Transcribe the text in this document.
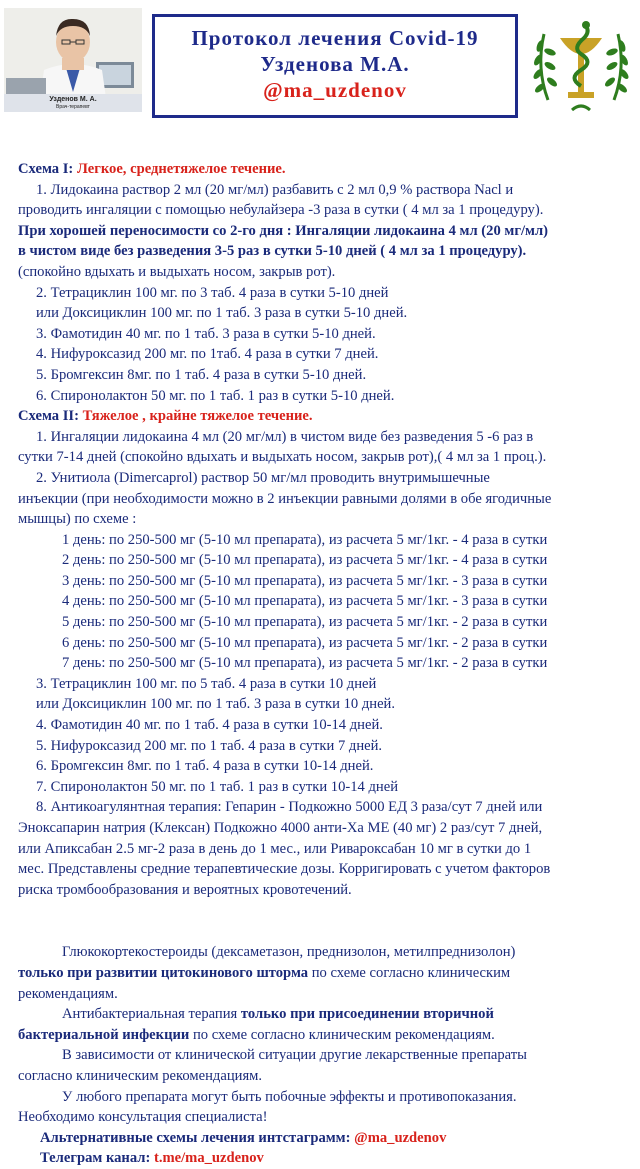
Узденов М. А.
Врач-терапевт
Протокол лечения Covid-19
Узденова М.А.
@ma_uzdenov

Схема I: Легкое, среднетяжелое течение.

1. Лидокаина раствор 2 мл (20 мг/мл) разбавить с 2 мл 0,9 % раствора Nacl и

проводить ингаляции с помощью небулайзера -3 раза в сутки ( 4 мл за 1 процедуру).

При хорошей переносимости со 2-го дня : Ингаляции лидокаина 4 мл (20 мг/мл)

в чистом виде без разведения 3-5 раз в сутки 5-10 дней ( 4 мл за 1 процедуру).

(спокойно вдыхать и выдыхать носом, закрыв рот).

2. Тетрациклин 100 мг. по 3 таб. 4 раза в сутки 5-10 дней

или Доксициклин 100 мг. по 1 таб. 3 раза в сутки 5-10 дней.

3. Фамотидин 40 мг. по 1 таб. 3 раза в сутки 5-10 дней.

4. Нифуроксазид 200 мг. по 1таб. 4 раза в сутки 7 дней.

5. Бромгексин 8мг. по 1 таб. 4 раза в сутки 5-10 дней.

6. Спиронолактон 50 мг. по 1 таб. 1 раз в сутки 5-10 дней.

Схема II: Тяжелое , крайне тяжелое течение.

1. Ингаляции лидокаина 4 мл (20 мг/мл) в чистом виде без разведения 5 -6 раз в

сутки 7-14 дней (спокойно вдыхать и выдыхать носом, закрыв рот),( 4 мл за 1 проц.).

2. Унитиола (Dimercaprol) раствор 50 мг/мл проводить внутримышечные

инъекции (при необходимости можно в 2 инъекции равными долями в обе ягодичные

мышцы) по схеме :

1 день: по 250-500 мг (5-10 мл препарата), из расчета 5 мг/1кг. - 4 раза в сутки

2 день: по 250-500 мг (5-10 мл препарата), из расчета 5 мг/1кг. - 4 раза в сутки

3 день: по 250-500 мг (5-10 мл препарата), из расчета 5 мг/1кг. - 3 раза в сутки

4 день: по 250-500 мг (5-10 мл препарата), из расчета 5 мг/1кг. - 3 раза в сутки

5 день: по 250-500 мг (5-10 мл препарата), из расчета 5 мг/1кг. - 2 раза в сутки

6 день: по 250-500 мг (5-10 мл препарата), из расчета 5 мг/1кг. - 2 раза в сутки

7 день: по 250-500 мг (5-10 мл препарата), из расчета 5 мг/1кг. - 2 раза в сутки

3. Тетрациклин 100 мг. по 5 таб. 4 раза в сутки 10 дней

или Доксициклин 100 мг. по 1 таб. 3 раза в сутки 10 дней.

4. Фамотидин 40 мг. по 1 таб. 4 раза в сутки 10-14 дней.

5. Нифуроксазид 200 мг. по 1 таб. 4 раза в сутки 7 дней.

6. Бромгексин 8мг. по 1 таб. 4 раза в сутки 10-14 дней.

7. Спиронолактон 50 мг. по 1 таб. 1 раз в сутки 10-14 дней

8. Антикоагулянтная терапия: Гепарин - Подкожно 5000 ЕД 3 раза/сут 7 дней или

Эноксапарин натрия (Клексан) Подкожно 4000 анти-Ха МЕ (40 мг) 2 раз/сут 7 дней,

или Апиксабан 2.5 мг-2 раза в день до 1 мес., или Ривароксабан 10 мг в сутки до 1

мес. Представлены средние терапевтические дозы. Корригировать с учетом факторов

риска тромбообразования и вероятных кровотечений.

Глюкокортекостероиды (дексаметазон, преднизолон, метилпреднизолон)

только при развитии цитокинового шторма по схеме согласно клиническим

рекомендациям.

Антибактериальная терапия только при присоединении вторичной

бактериальной инфекции по схеме согласно клиническим рекомендациям.

В зависимости от клинической ситуации другие лекарственные препараты

согласно клиническим рекомендациям.

У любого препарата могут быть побочные эффекты и противопоказания.

Необходимо консультация специалиста!

Альтернативные схемы лечения интстаграмм: @ma_uzdenov

Телеграм канал: t.me/ma_uzdenov
